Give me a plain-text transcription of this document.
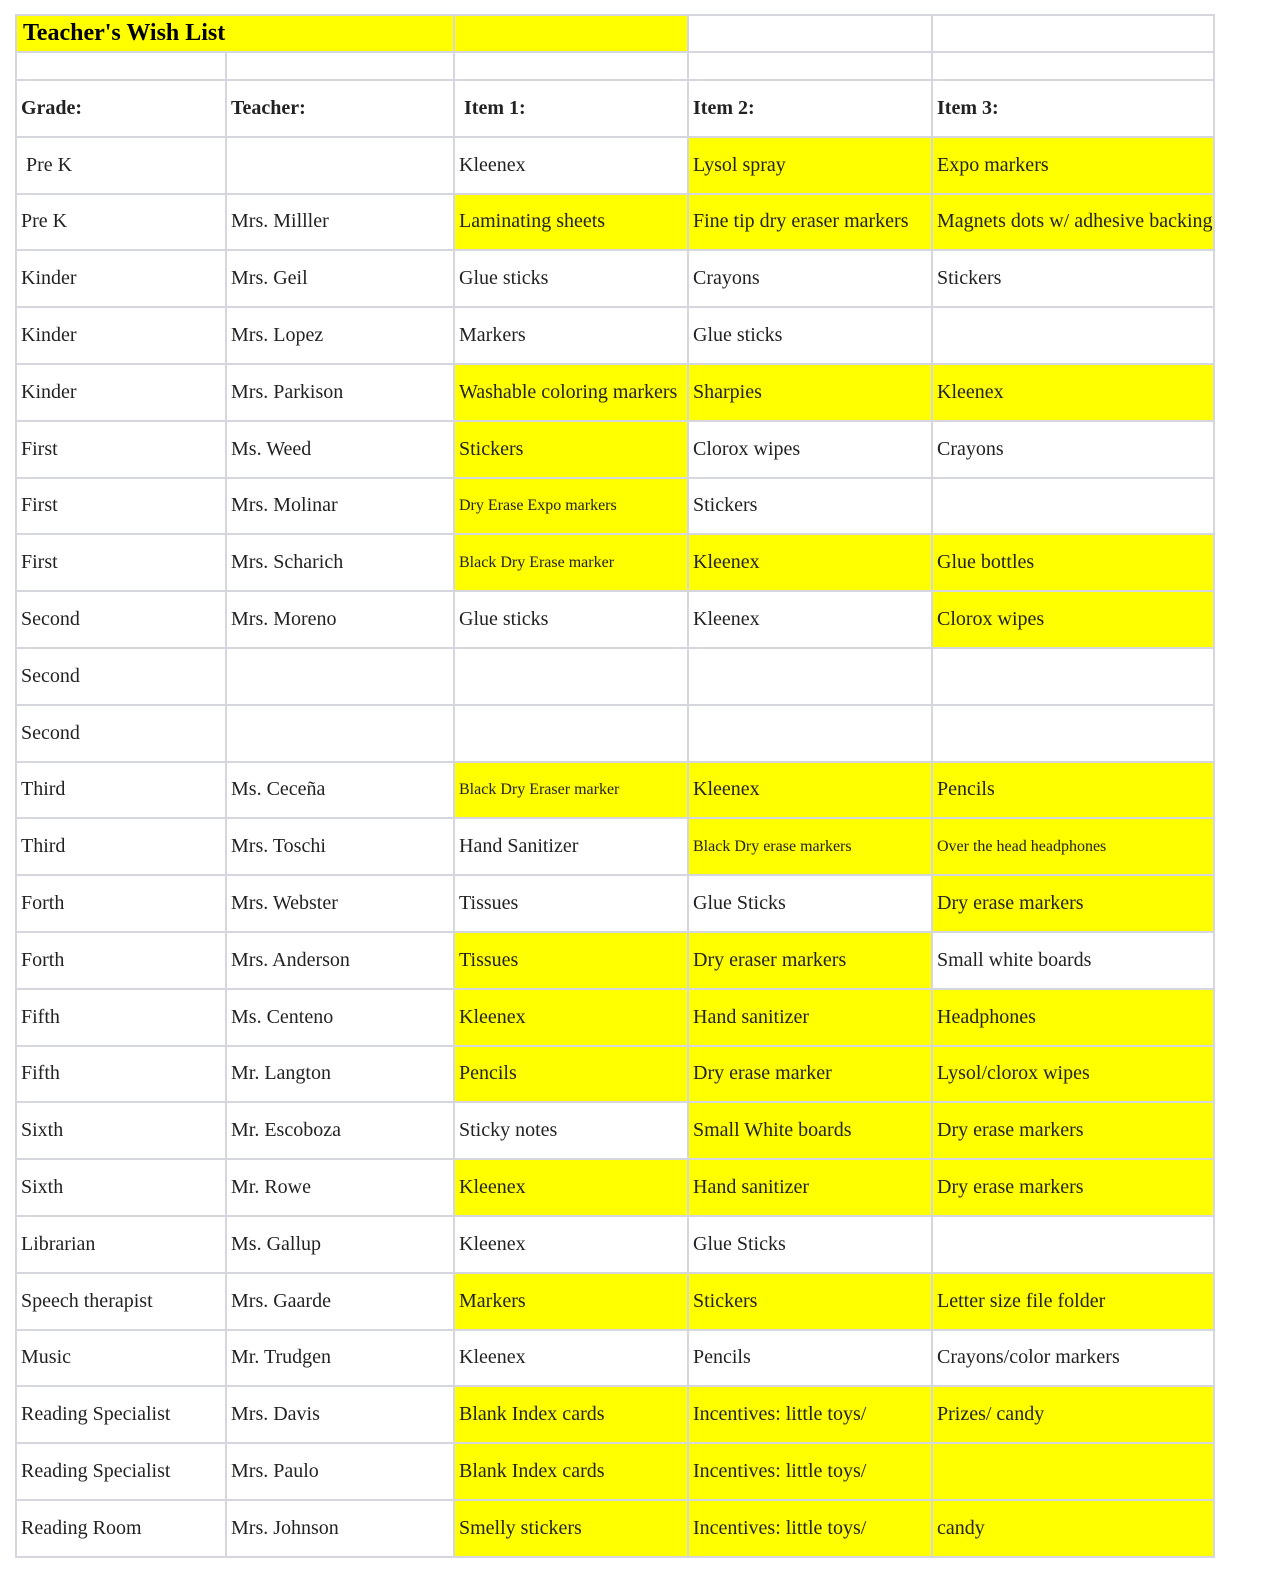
Teacher's Wish List				

Grade:	Teacher:	Item 1:	Item 2:	Item 3:
Pre K		Kleenex	Lysol spray	Expo markers
Pre K	Mrs. Milller	Laminating sheets	Fine tip dry eraser markers	Magnets dots w/ adhesive backing
Kinder	Mrs. Geil	Glue sticks	Crayons	Stickers
Kinder	Mrs. Lopez	Markers	Glue sticks	
Kinder	Mrs. Parkison	Washable coloring markers	Sharpies	Kleenex
First	Ms. Weed	Stickers	Clorox wipes	Crayons
First	Mrs. Molinar	Dry Erase Expo markers	Stickers	
First	Mrs. Scharich	Black Dry Erase marker	Kleenex	Glue bottles
Second	Mrs. Moreno	Glue sticks	Kleenex	Clorox wipes
Second				
Second				
Third	Ms. Ceceña	Black Dry Eraser marker	Kleenex	Pencils
Third	Mrs. Toschi	Hand Sanitizer	Black Dry erase markers	Over the head headphones
Forth	Mrs. Webster	Tissues	Glue Sticks	Dry erase markers
Forth	Mrs. Anderson	Tissues	Dry eraser markers	Small white boards
Fifth	Ms. Centeno	Kleenex	Hand sanitizer	Headphones
Fifth	Mr. Langton	Pencils	Dry erase marker	Lysol/clorox wipes
Sixth	Mr. Escoboza	Sticky notes	Small White boards	Dry erase markers
Sixth	Mr. Rowe	Kleenex	Hand sanitizer	Dry erase markers
Librarian	Ms. Gallup	Kleenex	Glue Sticks	
Speech therapist	Mrs. Gaarde	Markers	Stickers	Letter size file folder
Music	Mr. Trudgen	Kleenex	Pencils	Crayons/color markers
Reading Specialist	Mrs. Davis	Blank Index cards	Incentives: little toys/	Prizes/ candy
Reading Specialist	Mrs. Paulo	Blank Index cards	Incentives: little toys/	
Reading Room	Mrs. Johnson	Smelly stickers	Incentives: little toys/	candy
